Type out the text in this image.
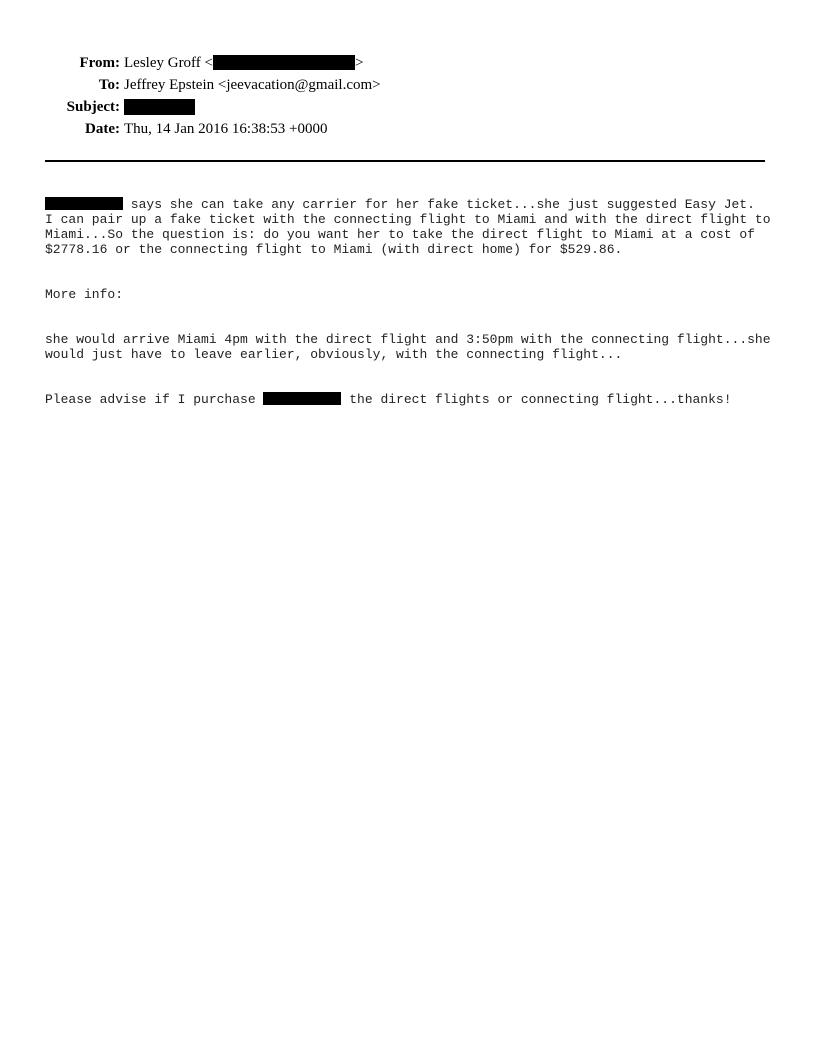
From: Lesley Groff <	>
To: Jeffrey Epstein <jeevacation@gmail.com>
Subject:
Date: Thu, 14 Jan 2016 16:38:53 +0000

says she can take any carrier for her fake ticket...she just suggested Easy Jet.
I can pair up a fake ticket with the connecting flight to Miami and with the direct flight to
Miami...So the question is: do you want her to take the direct flight to Miami at a cost of
$2778.16 or the connecting flight to Miami (with direct home) for $529.86.

More info:

she would arrive Miami 4pm with the direct flight and 3:50pm with the connecting flight...she
would just have to leave earlier, obviously, with the connecting flight...

Please advise if I purchase	the direct flights or connecting flight...thanks!
